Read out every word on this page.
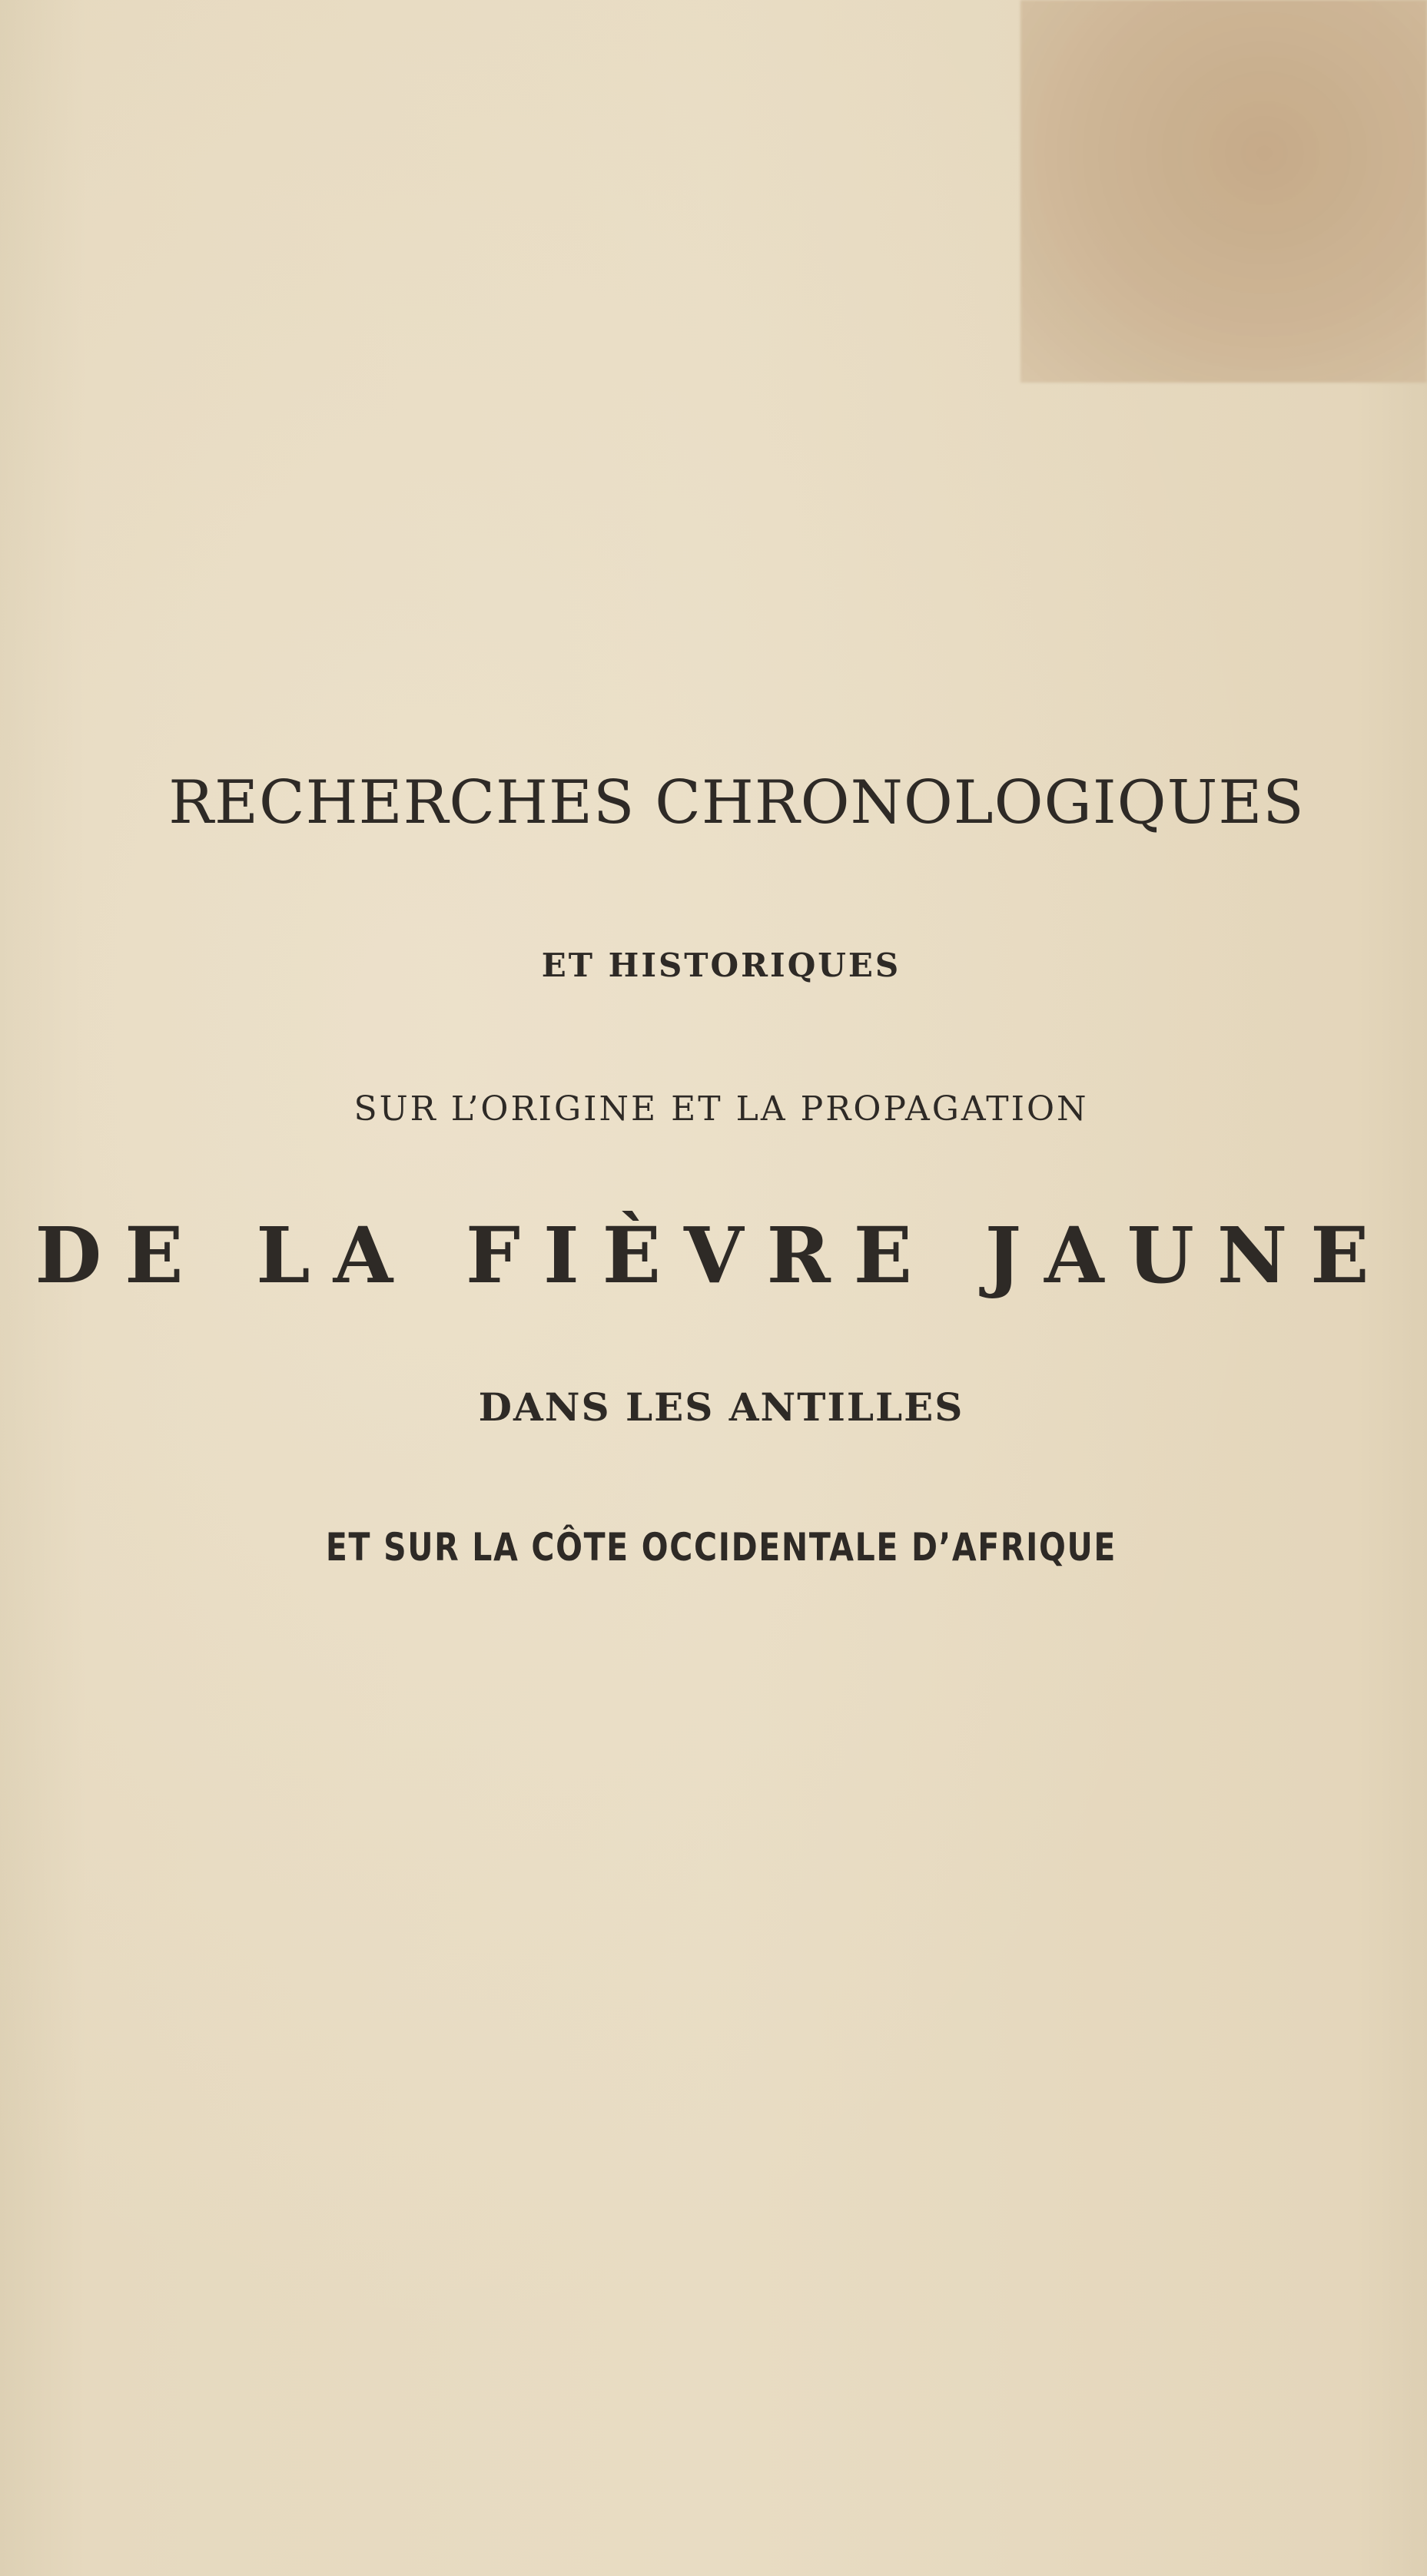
RECHERCHES CHRONOLOGIQUES
ET HISTORIQUES
SUR L’ORIGINE ET LA PROPAGATION
DE LA FIÈVRE JAUNE
DANS LES ANTILLES
ET SUR LA CÔTE OCCIDENTALE D’AFRIQUE
